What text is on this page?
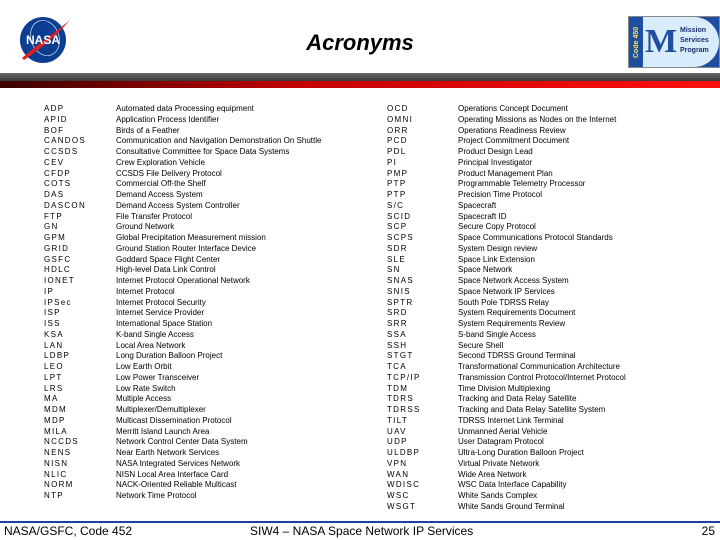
NASA	Acronyms	M
Code 450	Mission
Services
Program
ADP	Automated data Processing equipment
APID	Application Process Identifier
BOF	Birds of a Feather
CANDOS	Communication and Navigation Demonstration On Shuttle
CCSDS	Consultative Committee for Space Data Systems
CEV	Crew Exploration Vehicle
CFDP	CCSDS File Delivery Protocol
COTS	Commercial Off-the Shelf
DAS	Demand Access System
DASCON	Demand Access System Controller
FTP	File Transfer Protocol
GN	Ground Network
GPM	Global Precipitation Measurement mission
GRID	Ground Station Router Interface Device
GSFC	Goddard Space Flight Center
HDLC	High-level Data Link Control
IONET	Internet Protocol Operational Network
IP	Internet Protocol
IPSec	Internet Protocol Security
ISP	Internet Service Provider
ISS	International Space Station
KSA	K-band Single Access
LAN	Local Area Network
LDBP	Long Duration Balloon Project
LEO	Low Earth Orbit
LPT	Low Power Transceiver
LRS	Low Rate Switch
MA	Multiple Access
MDM	Multiplexer/Demultiplexer
MDP	Multicast Dissemination Protocol
MILA	Merritt Island Launch Area
NCCDS	Network Control Center Data System
NENS	Near Earth Network Services
NISN	NASA Integrated Services Network
NLIC	NISN Local Area Interface Card
NORM	NACK-Oriented Reliable Multicast
NTP	Network Time Protocol
OCD	Operations Concept Document
OMNI	Operating Missions as Nodes on the Internet
ORR	Operations Readiness Review
PCD	Project Commitment Document
PDL	Product Design Lead
PI	Principal Investigator
PMP	Product Management Plan
PTP	Programmable Telemetry Processor
PTP	Precision Time Protocol
S/C	Spacecraft
SCID	Spacecraft ID
SCP	Secure Copy Protocol
SCPS	Space Communications Protocol Standards
SDR	System Design review
SLE	Space Link Extension
SN	Space Network
SNAS	Space Network Access System
SNIS	Space Network IP Services
SPTR	South Pole TDRSS Relay
SRD	System Requirements Document
SRR	System Requirements Review
SSA	S-band Single Access
SSH	Secure Shell
STGT	Second TDRSS Ground Terminal
TCA	Transformational Communication Architecture
TCP/IP	Transmission Control Protocol/Internet Protocol
TDM	Time Division Multiplexing
TDRS	Tracking and Data Relay Satellite
TDRSS	Tracking and Data Relay Satellite System
TILT	TDRSS Internet Link Terminal
UAV	Unmanned Aerial Vehicle
UDP	User Datagram Protocol
ULDBP	Ultra-Long Duration Balloon Project
VPN	Virtual Private Network
WAN	Wide Area Network
WDISC	WSC Data Interface Capability
WSC	White Sands Complex
WSGT	White Sands Ground Terminal
NASA/GSFC, Code 452	SIW4 – NASA Space Network IP Services	25
